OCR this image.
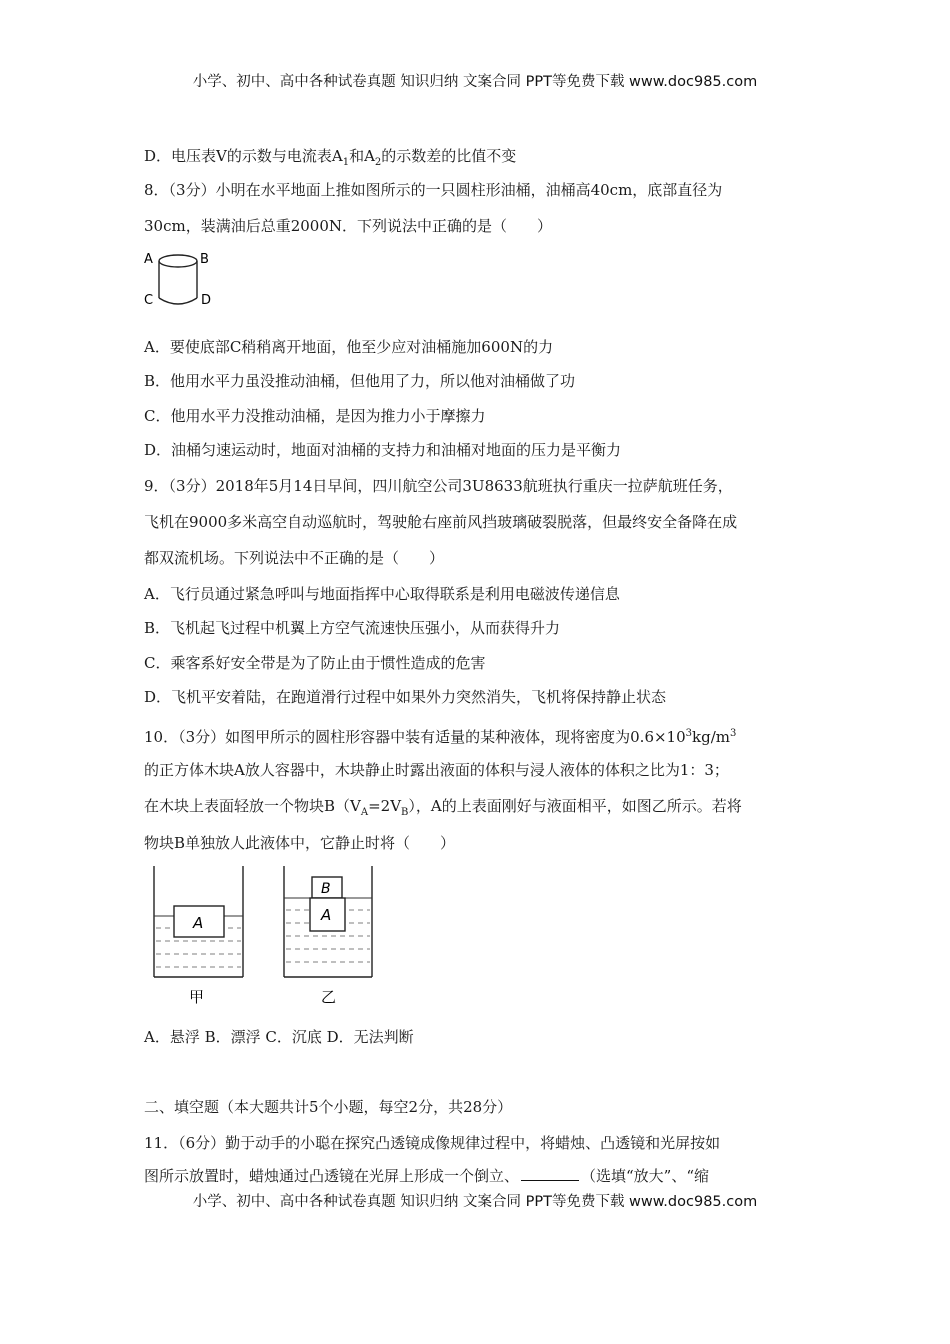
小学、初中、高中各种试卷真题 知识归纳 文案合同 PPT等免费下载 www.doc985.com
D．电压表V的示数与电流表$A_1$和$A_2$的示数差的比值不变
8．（3分）小明在水平地面上推如图所示的一只圆柱形油桶，油桶高40cm，底部直径为
30cm，装满油后总重2000N．下列说法中正确的是（　　）
A	B
C	D
A．要使底部C稍稍离开地面，他至少应对油桶施加600N的力
B．他用水平力虽没推动油桶，但他用了力，所以他对油桶做了功
C．他用水平力没推动油桶，是因为推力小于摩擦力
D．油桶匀速运动时，地面对油桶的支持力和油桶对地面的压力是平衡力
9．（3分）2018年5月14日早间，四川航空公司3U8633航班执行重庆一拉萨航班任务，
飞机在9000多米高空自动巡航时，驾驶舱右座前风挡玻璃破裂脱落，但最终安全备降在成
都双流机场。下列说法中不正确的是（　　）
A．飞行员通过紧急呼叫与地面指挥中心取得联系是利用电磁波传递信息
B．飞机起飞过程中机翼上方空气流速快压强小，从而获得升力
C．乘客系好安全带是为了防止由于惯性造成的危害
D．飞机平安着陆，在跑道滑行过程中如果外力突然消失，飞机将保持静止状态
10．（3分）如图甲所示的圆柱形容器中装有适量的某种液体，现将密度为$0.6\times 10^3kg/m^3$
的正方体木块A放人容器中，木块静止时露出液面的体积与浸人液体的体积之比为1：3；
在木块上表面轻放一个物块$B(V_A=2V_B)$，A的上表面刚好与液面相平，如图乙所示。若将
物块B单独放人此液体中，它静止时将（　　）
A
B
A
甲	乙
A．悬浮 B．漂浮 C．沉底 D．无法判断
二、填空题（本大题共计5个小题，每空2分，共28分）
11．（6分）勤于动手的小聪在探究凸透镜成像规律过程中，将蜡烛、凸透镜和光屏按如
图所示放置时，蜡烛通过凸透镜在光屏上形成一个倒立、	（选填“放大”、“缩
小学、初中、高中各种试卷真题 知识归纳 文案合同 PPT等免费下载 www.doc985.com
